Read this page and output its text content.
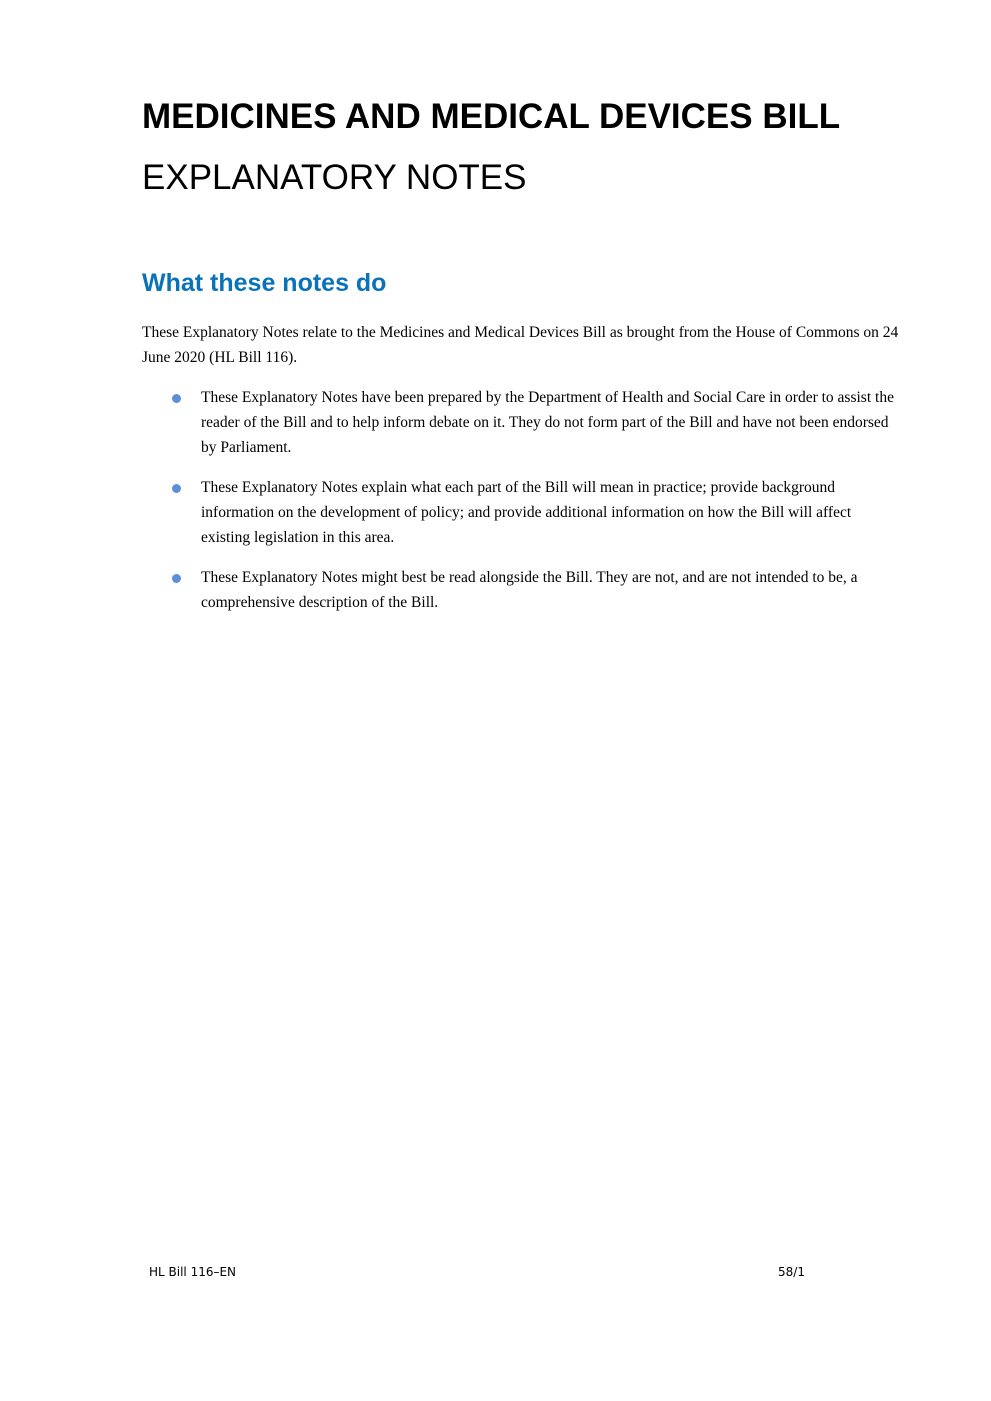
MEDICINES AND MEDICAL DEVICES BILL
EXPLANATORY NOTES
What these notes do

These Explanatory Notes relate to the Medicines and Medical Devices Bill as brought from the House of Commons on 24 June 2020 (HL Bill 116).

These Explanatory Notes have been prepared by the Department of Health and Social Care in order to assist the reader of the Bill and to help inform debate on it. They do not form part of the Bill and have not been endorsed by Parliament.
These Explanatory Notes explain what each part of the Bill will mean in practice; provide background information on the development of policy; and provide additional information on how the Bill will affect existing legislation in this area.
These Explanatory Notes might best be read alongside the Bill. They are not, and are not intended to be, a comprehensive description of the Bill.
HL Bill 116–EN	58/1
